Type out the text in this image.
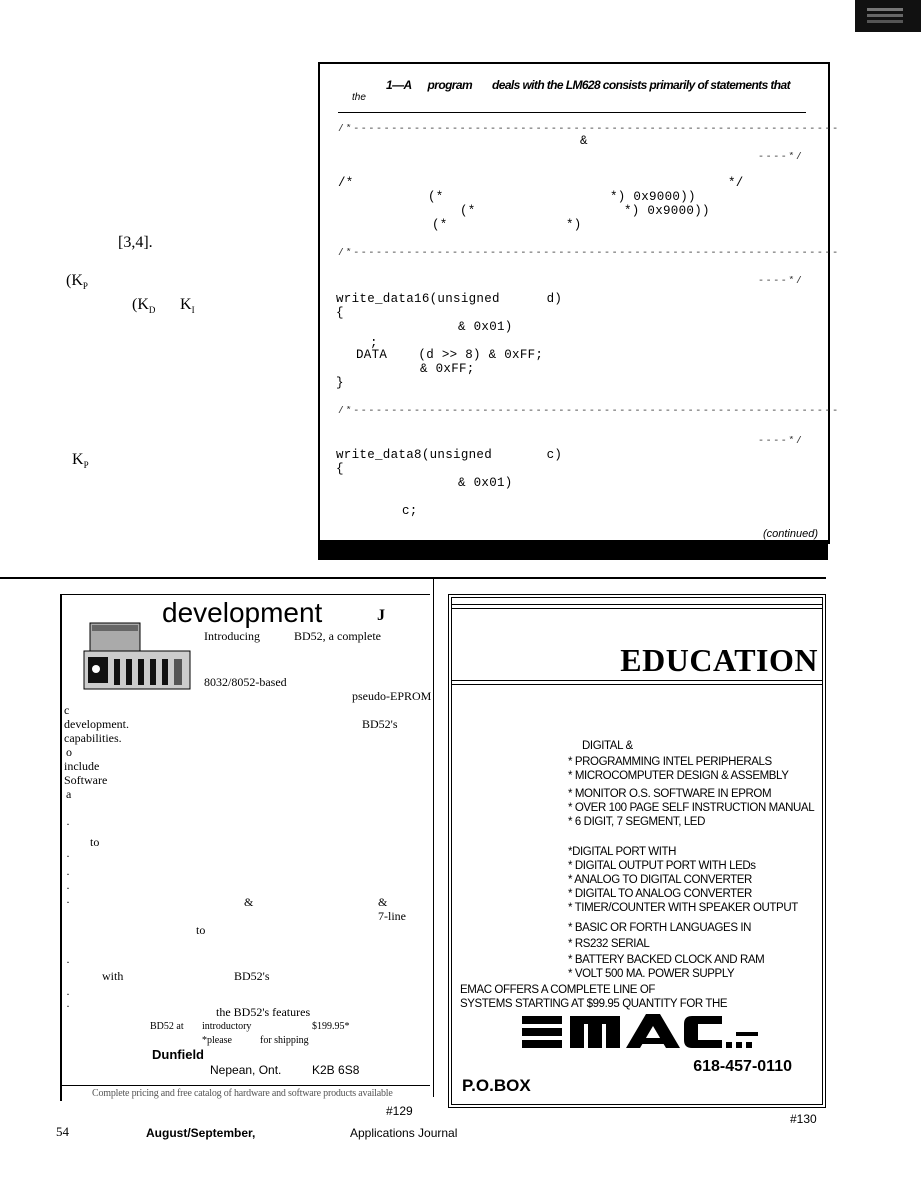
[3,4].
($K_P$
($K_D$ $K_I$
$K_P$
1—A program deals with the LM628 consists primarily of statements that
the
/*----------------------------------------------------------------
----*/
/*----------------------------------------------------------------
----*/
/*----------------------------------------------------------------
----*/
&
/*	*/
(*	*) 0x9000))
(*	*) 0x9000))
(*	*)
write_data16(unsigned      d)
{
& 0x01)
;
DATA    (d >> 8) & 0xFF;
& 0xFF;
}
write_data8(unsigned       c)
{
& 0x01)
c;
(continued)
development	J
Introducing	BD52, a complete
8032/8052-based
pseudo-EPROM
c
development.	BD52's
capabilities.
o
include
Software
a
·
to
·
·
·
·	&	&
7-line
to
·
with	BD52's
·
·	the BD52's features
BD52 at introductory	$199.95*
*please	for shipping
Dunfield
Nepean, Ont.	K2B 6S8
Complete pricing and free catalog of hardware and software products available
EDUCATION
DIGITAL &
* PROGRAMMING INTEL PERIPHERALS
* MICROCOMPUTER DESIGN & ASSEMBLY
* MONITOR O.S. SOFTWARE IN EPROM
* OVER 100 PAGE SELF INSTRUCTION MANUAL
* 6 DIGIT, 7 SEGMENT, LED
*DIGITAL PORT WITH
* DIGITAL OUTPUT PORT WITH LEDs
* ANALOG TO DIGITAL CONVERTER
* DIGITAL TO ANALOG CONVERTER
* TIMER/COUNTER WITH SPEAKER OUTPUT
* BASIC OR FORTH LANGUAGES IN
* RS232 SERIAL
* BATTERY BACKED CLOCK AND RAM
* VOLT 500 MA. POWER SUPPLY
EMAC OFFERS A COMPLETE LINE OF
SYSTEMS STARTING AT $99.95 QUANTITY FOR THE
618-457-0110
P.O.BOX
#129
#130
54	August/September,	Applications Journal
